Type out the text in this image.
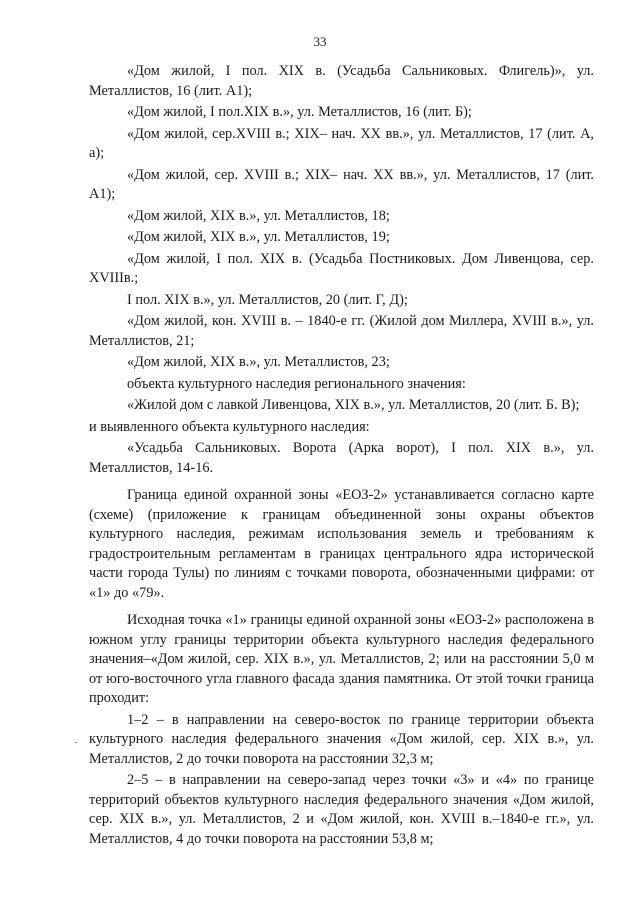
33

«Дом жилой, I пол. XIX в. (Усадьба Сальниковых. Флигель)», ул. Металлистов, 16 (лит. А1);

«Дом жилой, I пол.XIX в.», ул. Металлистов, 16 (лит. Б);

«Дом жилой, сер.XVIII в.; XIX– нач. XX вв.», ул. Металлистов, 17 (лит. А, а);

«Дом жилой, сер. XVIII в.; XIX– нач. XX вв.», ул. Металлистов, 17 (лит. А1);

«Дом жилой, XIX в.», ул. Металлистов, 18;

«Дом жилой, XIX в.», ул. Металлистов, 19;

«Дом жилой, I пол. XIX в. (Усадьба Постниковых. Дом Ливенцова, сер. XVIIIв.;

I пол. XIX в.», ул. Металлистов, 20 (лит. Г, Д);

«Дом жилой, кон. XVIII в. – 1840-е гг. (Жилой дом Миллера, XVIII в.», ул. Металлистов, 21;

«Дом жилой, XIX в.», ул. Металлистов, 23;

объекта культурного наследия регионального значения:

«Жилой дом с лавкой Ливенцова, XIX в.», ул. Металлистов, 20 (лит. Б. В);

и выявленного объекта культурного наследия:

«Усадьба Сальниковых. Ворота (Арка ворот), I пол. XIX в.», ул. Металлистов, 14-16.

Граница единой охранной зоны «ЕОЗ-2» устанавливается согласно карте (схеме) (приложение к границам объединенной зоны охраны объектов культурного наследия, режимам использования земель и требованиям к градостроительным регламентам в границах центрального ядра исторической части города Тулы) по линиям с точками поворота, обозначенными цифрами: от «1» до «79».

Исходная точка «1» границы единой охранной зоны «ЕОЗ-2» расположена в южном углу границы территории объекта культурного наследия федерального значения–«Дом жилой, сер. XIX в.», ул. Металлистов, 2; или на расстоянии 5,0 м от юго-восточного угла главного фасада здания памятника. От этой точки граница проходит:

1–2 – в направлении на северо-восток по границе территории объекта культурного наследия федерального значения «Дом жилой, сер. XIX в.», ул. Металлистов, 2 до точки поворота на расстоянии 32,3 м;

2–5 – в направлении на северо-запад через точки «3» и «4» по границе территорий объектов культурного наследия федерального значения «Дом жилой, сер. XIX в.», ул. Металлистов, 2 и «Дом жилой, кон. XVIII в.–1840-е гг.», ул. Металлистов, 4 до точки поворота на расстоянии 53,8 м;
